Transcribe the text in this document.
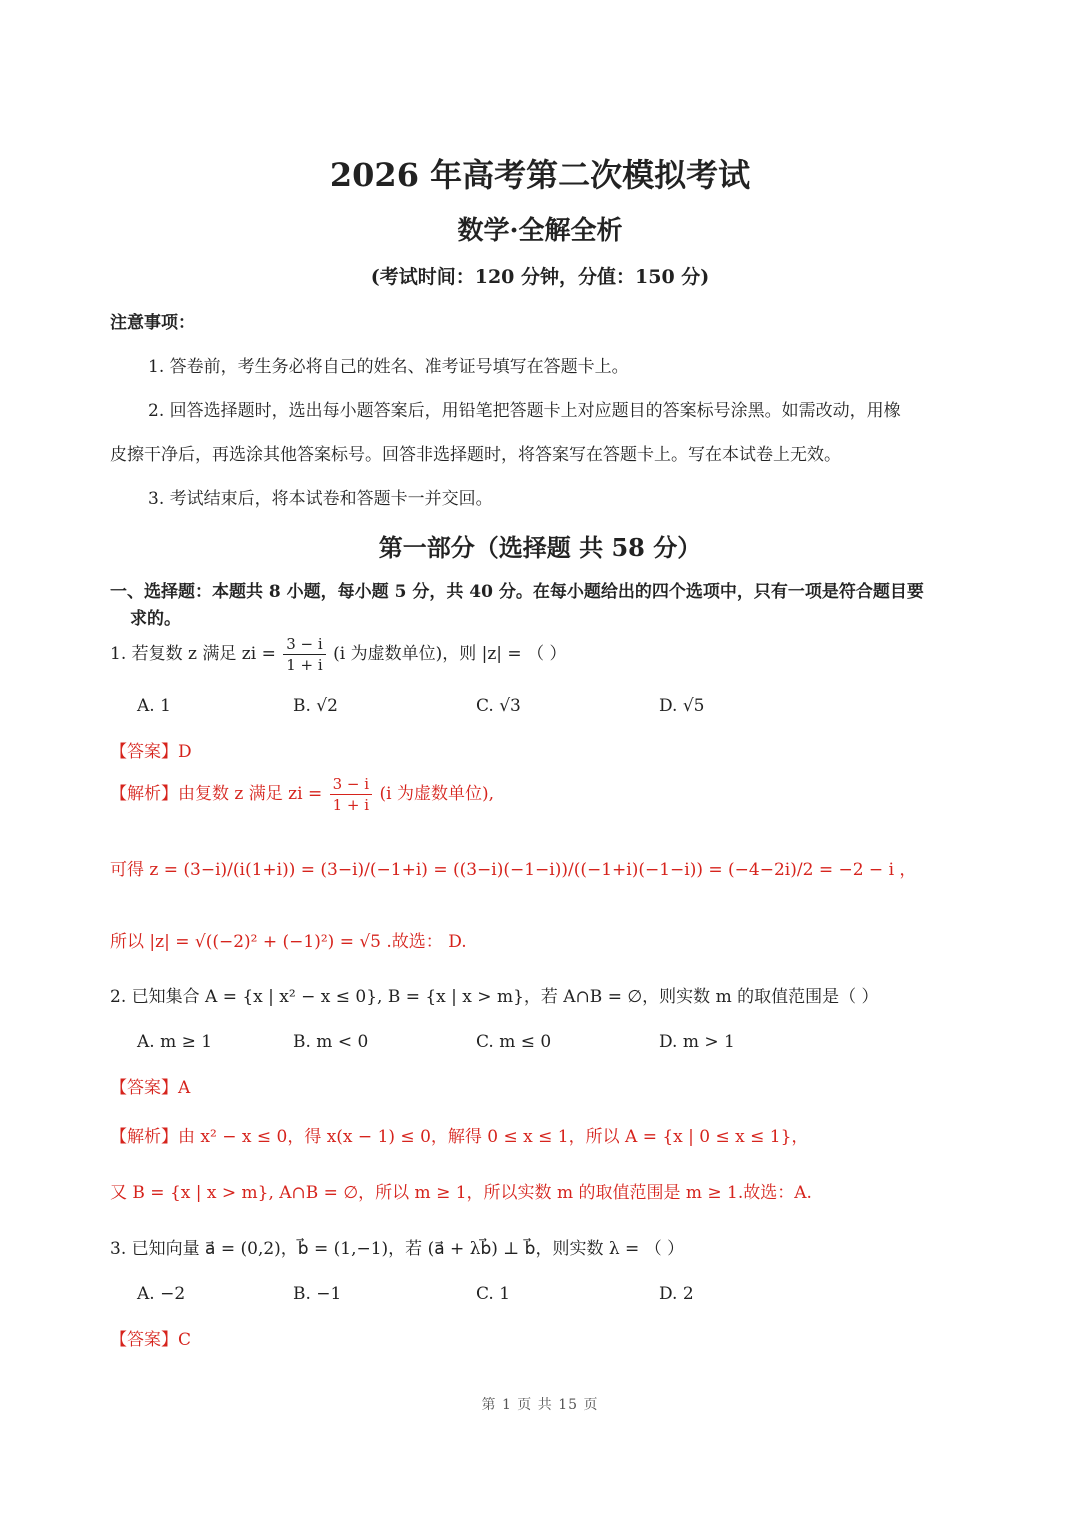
2026 年高考第二次模拟考试
数学·全解全析
(考试时间：120 分钟，分值：150 分)
注意事项：
1. 答卷前，考生务必将自己的姓名、准考证号填写在答题卡上。
2. 回答选择题时，选出每小题答案后，用铅笔把答题卡上对应题目的答案标号涂黑。如需改动，用橡
皮擦干净后，再选涂其他答案标号。回答非选择题时，将答案写在答题卡上。写在本试卷上无效。
3. 考试结束后，将本试卷和答题卡一并交回。
第一部分（选择题 共 58 分）
一、选择题：本题共 8 小题，每小题 5 分，共 40 分。在每小题给出的四个选项中，只有一项是符合题目要
求的。
1. 若复数 z 满足 zi = $\frac{3 - i}{1 + i} (i$ 为虚数单位)，则 |z| = （ ）
A. 1	B. √2	C. √3	D. √5
【答案】D
【解析】由复数 z 满足 zi = $\frac{3 - i}{1 + i} (i$ 为虚数单位),
可得 z = (3−i)/(i(1+i)) = (3−i)/(−1+i) = ((3−i)(−1−i))/((−1+i)(−1−i)) = (−4−2i)/2 = −2 − i ，
所以 |z| = √((−2)² + (−1)²) = √5 .故选： D.
2. 已知集合 A = {x | x² − x ≤ 0}, B = {x | x > m}，若 A∩B = ∅，则实数 m 的取值范围是（ ）
A. m ≥ 1	B. m < 0	C. m ≤ 0	D. m > 1
【答案】A
【解析】由 x² − x ≤ 0，得 x(x − 1) ≤ 0，解得 0 ≤ x ≤ 1，所以 A = {x | 0 ≤ x ≤ 1}，
又 B = {x | x > m}, A∩B = ∅，所以 m ≥ 1，所以实数 m 的取值范围是 m ≥ 1.故选：A.
3. 已知向量 a⃗ = (0,2)，b⃗ = (1,−1)，若 (a⃗ + λb⃗) ⊥ b⃗，则实数 λ = （ ）
A. −2	B. −1	C. 1	D. 2
【答案】C
第 1 页 共 15 页
